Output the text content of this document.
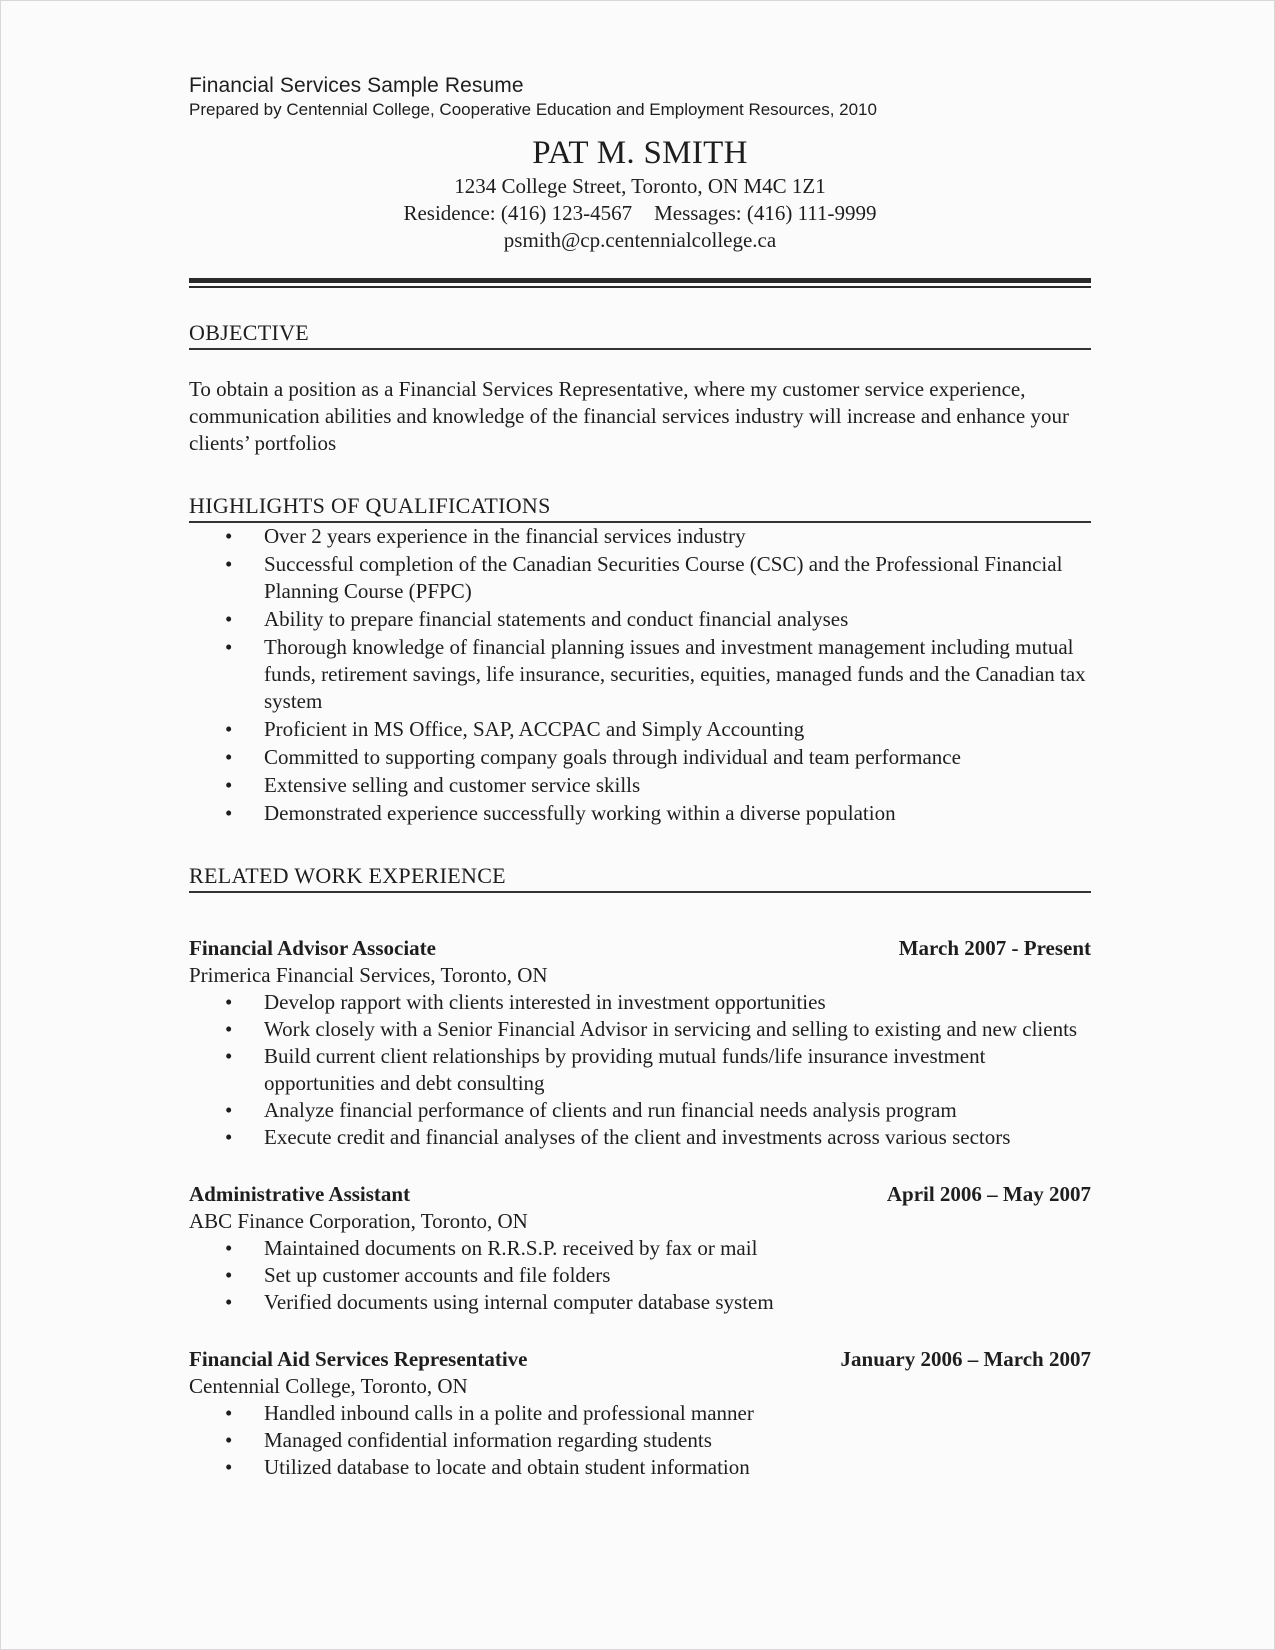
Financial Services Sample Resume

Prepared by Centennial College, Cooperative Education and Employment Resources, 2010

PAT M. SMITH
1234 College Street, Toronto, ON M4C 1Z1
Residence: (416) 123-4567 Messages: (416) 111-9999
psmith@cp.centennialcollege.ca
OBJECTIVE

To obtain a position as a Financial Services Representative, where my customer service experience, communication abilities and knowledge of the financial services industry will increase and enhance your clients’ portfolios

HIGHLIGHTS OF QUALIFICATIONS
• Over 2 years experience in the financial services industry
• Successful completion of the Canadian Securities Course (CSC) and the Professional Financial Planning Course (PFPC)
• Ability to prepare financial statements and conduct financial analyses
• Thorough knowledge of financial planning issues and investment management including mutual funds, retirement savings, life insurance, securities, equities, managed funds and the Canadian tax system
• Proficient in MS Office, SAP, ACCPAC and Simply Accounting
• Committed to supporting company goals through individual and team performance
• Extensive selling and customer service skills
• Demonstrated experience successfully working within a diverse population
RELATED WORK EXPERIENCE
Financial Advisor Associate	March 2007 - Present
Primerica Financial Services, Toronto, ON
• Develop rapport with clients interested in investment opportunities
• Work closely with a Senior Financial Advisor in servicing and selling to existing and new clients
• Build current client relationships by providing mutual funds/life insurance investment opportunities and debt consulting
• Analyze financial performance of clients and run financial needs analysis program
• Execute credit and financial analyses of the client and investments across various sectors
Administrative Assistant	April 2006 – May 2007
ABC Finance Corporation, Toronto, ON
• Maintained documents on R.R.S.P. received by fax or mail
• Set up customer accounts and file folders
• Verified documents using internal computer database system
Financial Aid Services Representative	January 2006 – March 2007
Centennial College, Toronto, ON
• Handled inbound calls in a polite and professional manner
• Managed confidential information regarding students
• Utilized database to locate and obtain student information
